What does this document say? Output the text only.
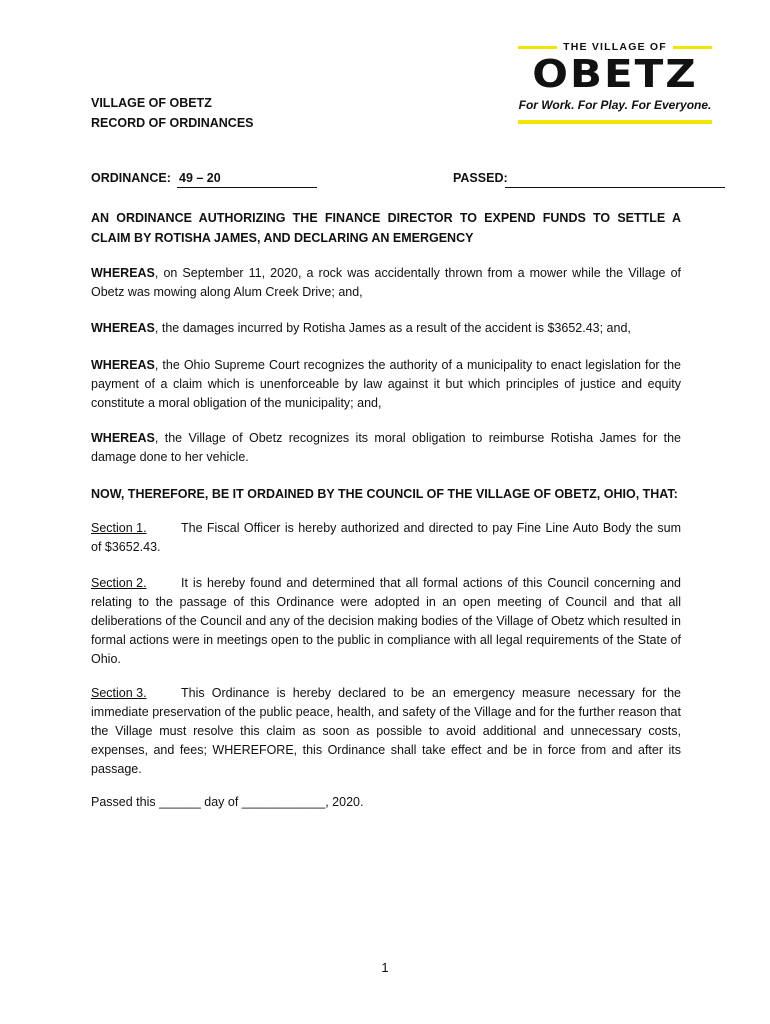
THE VILLAGE OF
OBETZ
For Work. For Play. For Everyone.
VILLAGE OF OBETZ
RECORD OF ORDINANCES
ORDINANCE: 49 – 20	PASSED:
AN ORDINANCE AUTHORIZING THE FINANCE DIRECTOR TO EXPEND FUNDS TO SETTLE A CLAIM BY ROTISHA JAMES, AND DECLARING AN EMERGENCY
WHEREAS, on September 11, 2020, a rock was accidentally thrown from a mower while the Village of Obetz was mowing along Alum Creek Drive; and,
WHEREAS, the damages incurred by Rotisha James as a result of the accident is $3652.43; and,
WHEREAS, the Ohio Supreme Court recognizes the authority of a municipality to enact legislation for the payment of a claim which is unenforceable by law against it but which principles of justice and equity constitute a moral obligation of the municipality; and,
WHEREAS, the Village of Obetz recognizes its moral obligation to reimburse Rotisha James for the damage done to her vehicle.
NOW, THEREFORE, BE IT ORDAINED BY THE COUNCIL OF THE VILLAGE OF OBETZ, OHIO, THAT:
Section 1.	The Fiscal Officer is hereby authorized and directed to pay Fine Line Auto Body the sum of $3652.43.
Section 2.	It is hereby found and determined that all formal actions of this Council concerning and relating to the passage of this Ordinance were adopted in an open meeting of Council and that all deliberations of the Council and any of the decision making bodies of the Village of Obetz which resulted in formal actions were in meetings open to the public in compliance with all legal requirements of the State of Ohio.
Section 3.	This Ordinance is hereby declared to be an emergency measure necessary for the immediate preservation of the public peace, health, and safety of the Village and for the further reason that the Village must resolve this claim as soon as possible to avoid additional and unnecessary costs, expenses, and fees; WHEREFORE, this Ordinance shall take effect and be in force from and after its passage.
Passed this ______ day of ____________, 2020.
1
